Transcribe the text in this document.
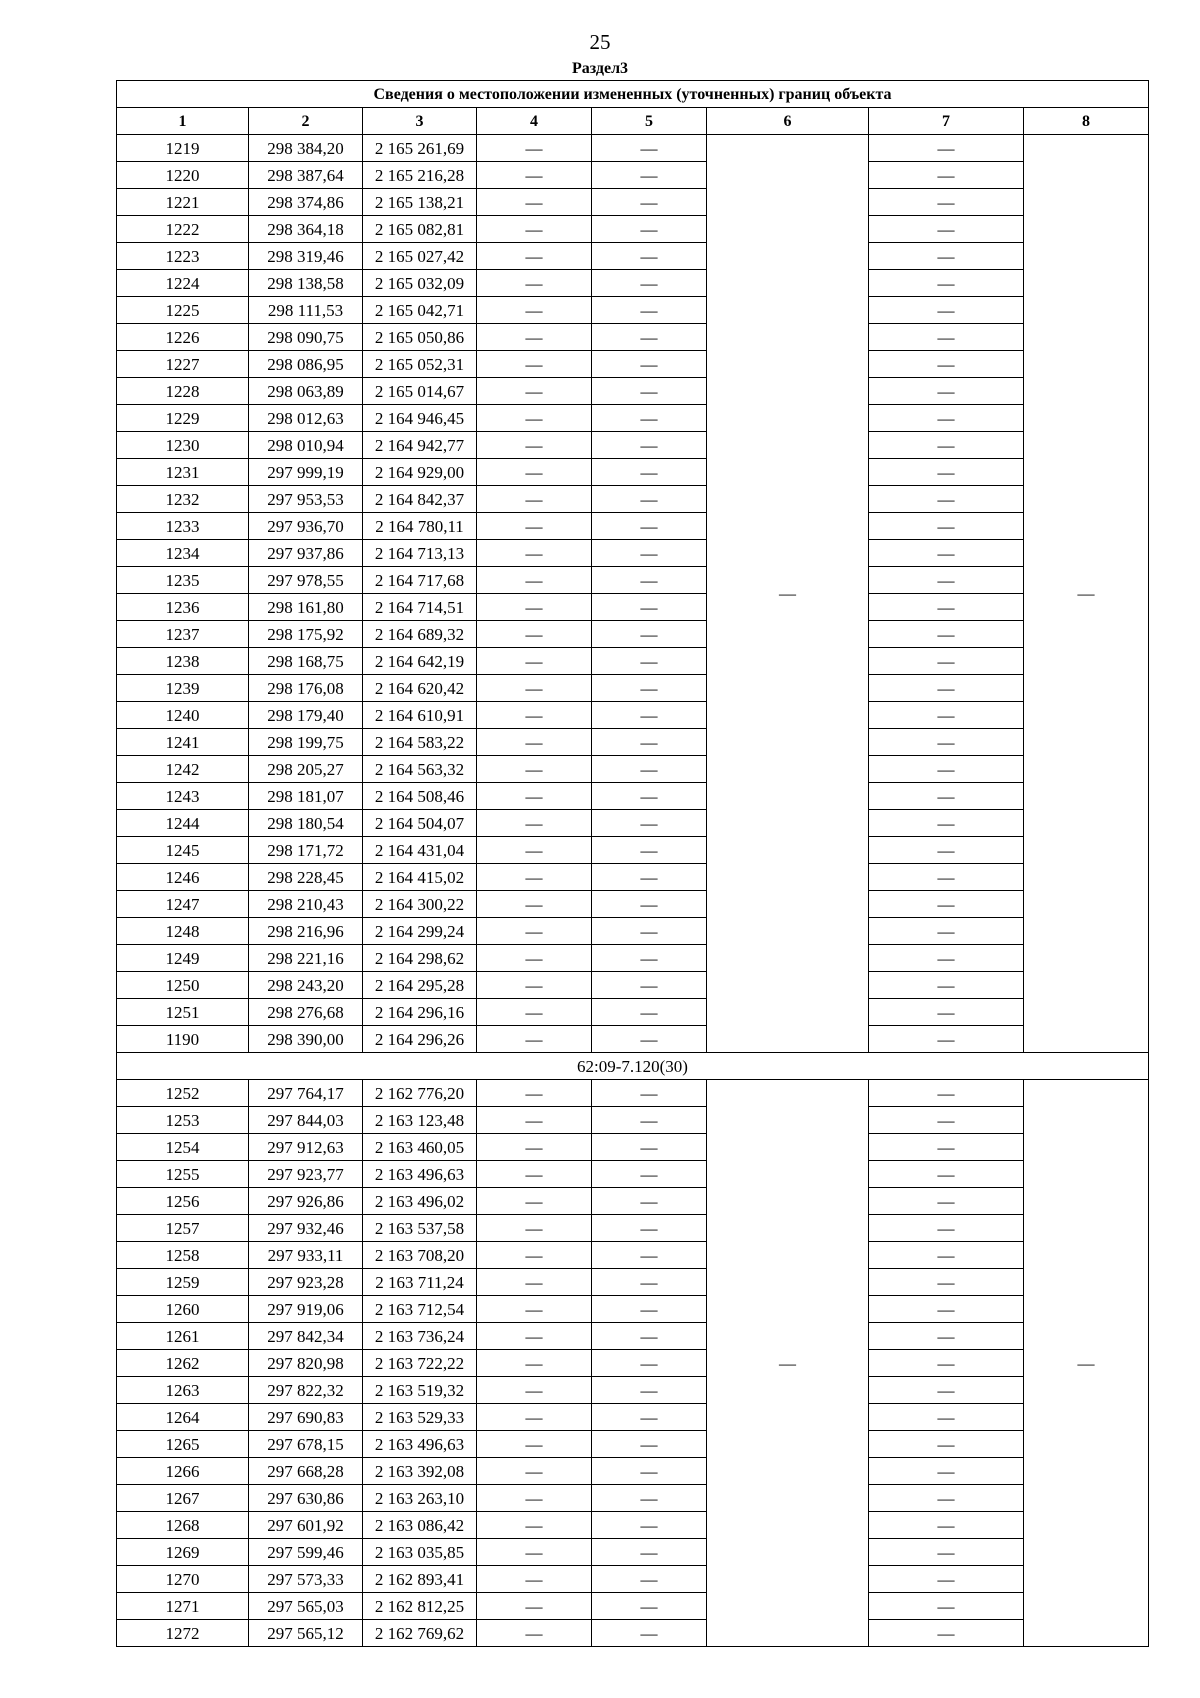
25
Раздел3
Сведения о местоположении измененных (уточненных) границ объекта							
1	2	3	4	5	6	7	8
1219	298 384,20	2 165 261,69	—	—	—	—	—
1220	298 387,64	2 165 216,28	—	—		—	
1221	298 374,86	2 165 138,21	—	—		—	
1222	298 364,18	2 165 082,81	—	—		—	
1223	298 319,46	2 165 027,42	—	—		—	
1224	298 138,58	2 165 032,09	—	—		—	
1225	298 111,53	2 165 042,71	—	—		—	
1226	298 090,75	2 165 050,86	—	—		—	
1227	298 086,95	2 165 052,31	—	—		—	
1228	298 063,89	2 165 014,67	—	—		—	
1229	298 012,63	2 164 946,45	—	—		—	
1230	298 010,94	2 164 942,77	—	—		—	
1231	297 999,19	2 164 929,00	—	—		—	
1232	297 953,53	2 164 842,37	—	—		—	
1233	297 936,70	2 164 780,11	—	—		—	
1234	297 937,86	2 164 713,13	—	—		—	
1235	297 978,55	2 164 717,68	—	—		—	
1236	298 161,80	2 164 714,51	—	—		—	
1237	298 175,92	2 164 689,32	—	—		—	
1238	298 168,75	2 164 642,19	—	—		—	
1239	298 176,08	2 164 620,42	—	—		—	
1240	298 179,40	2 164 610,91	—	—		—	
1241	298 199,75	2 164 583,22	—	—		—	
1242	298 205,27	2 164 563,32	—	—		—	
1243	298 181,07	2 164 508,46	—	—		—	
1244	298 180,54	2 164 504,07	—	—		—	
1245	298 171,72	2 164 431,04	—	—		—	
1246	298 228,45	2 164 415,02	—	—		—	
1247	298 210,43	2 164 300,22	—	—		—	
1248	298 216,96	2 164 299,24	—	—		—	
1249	298 221,16	2 164 298,62	—	—		—	
1250	298 243,20	2 164 295,28	—	—		—	
1251	298 276,68	2 164 296,16	—	—		—	
1190	298 390,00	2 164 296,26	—	—		—	
62:09-7.120(30)							
1252	297 764,17	2 162 776,20	—	—	—	—	—
1253	297 844,03	2 163 123,48	—	—		—	
1254	297 912,63	2 163 460,05	—	—		—	
1255	297 923,77	2 163 496,63	—	—		—	
1256	297 926,86	2 163 496,02	—	—		—	
1257	297 932,46	2 163 537,58	—	—		—	
1258	297 933,11	2 163 708,20	—	—		—	
1259	297 923,28	2 163 711,24	—	—		—	
1260	297 919,06	2 163 712,54	—	—		—	
1261	297 842,34	2 163 736,24	—	—		—	
1262	297 820,98	2 163 722,22	—	—		—	
1263	297 822,32	2 163 519,32	—	—		—	
1264	297 690,83	2 163 529,33	—	—		—	
1265	297 678,15	2 163 496,63	—	—		—	
1266	297 668,28	2 163 392,08	—	—		—	
1267	297 630,86	2 163 263,10	—	—		—	
1268	297 601,92	2 163 086,42	—	—		—	
1269	297 599,46	2 163 035,85	—	—		—	
1270	297 573,33	2 162 893,41	—	—		—	
1271	297 565,03	2 162 812,25	—	—		—	
1272	297 565,12	2 162 769,62	—	—		—	
